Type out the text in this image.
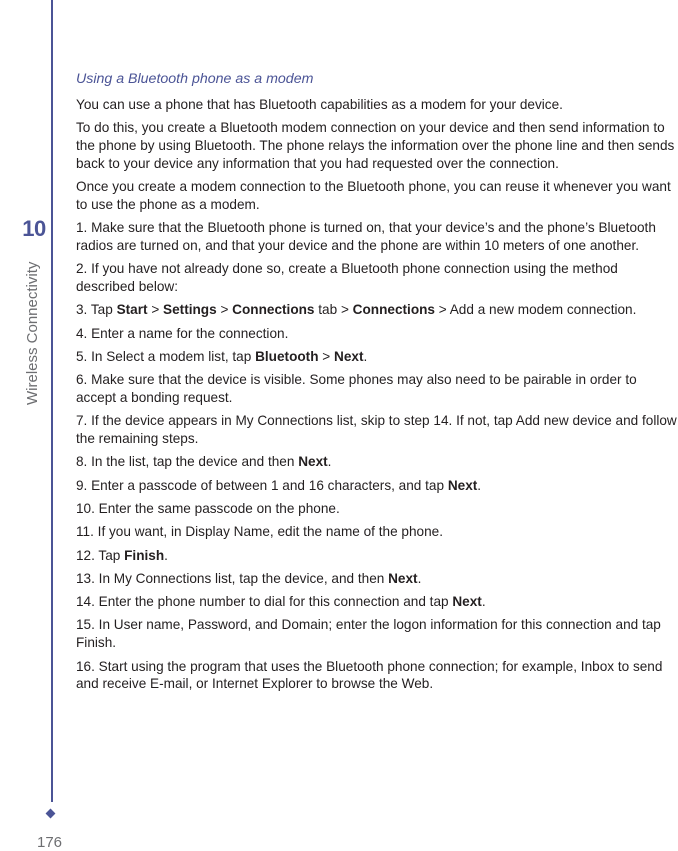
10
Wireless Connectivity
176

Using a Bluetooth phone as a modem

You can use a phone that has Bluetooth capabilities as a modem for your device.

To do this, you create a Bluetooth modem connection on your device and then send information to the phone by using Bluetooth. The phone relays the information over the phone line and then sends back to your device any information that you had requested over the connection.

Once you create a modem connection to the Bluetooth phone, you can reuse it whenever you want to use the phone as a modem.

1. Make sure that the Bluetooth phone is turned on, that your device’s and the phone’s Bluetooth radios are turned on, and that your device and the phone are within 10 meters of one another.

2. If you have not already done so, create a Bluetooth phone connection using the method described below:

3. Tap Start > Settings > Connections tab > Connections > Add a new modem connection.

4. Enter a name for the connection.

5. In Select a modem list, tap Bluetooth > Next.

6. Make sure that the device is visible. Some phones may also need to be pairable in order to accept a bonding request.

7. If the device appears in My Connections list, skip to step 14. If not, tap Add new device and follow the remaining steps.

8. In the list, tap the device and then Next.

9. Enter a passcode of between 1 and 16 characters, and tap Next.

10. Enter the same passcode on the phone.

11. If you want, in Display Name, edit the name of the phone.

12. Tap Finish.

13. In My Connections list, tap the device, and then Next.

14. Enter the phone number to dial for this connection and tap Next.

15. In User name, Password, and Domain; enter the logon information for this connection and tap Finish.

16. Start using the program that uses the Bluetooth phone connection; for example, Inbox to send and receive E-mail, or Internet Explorer to browse the Web.
